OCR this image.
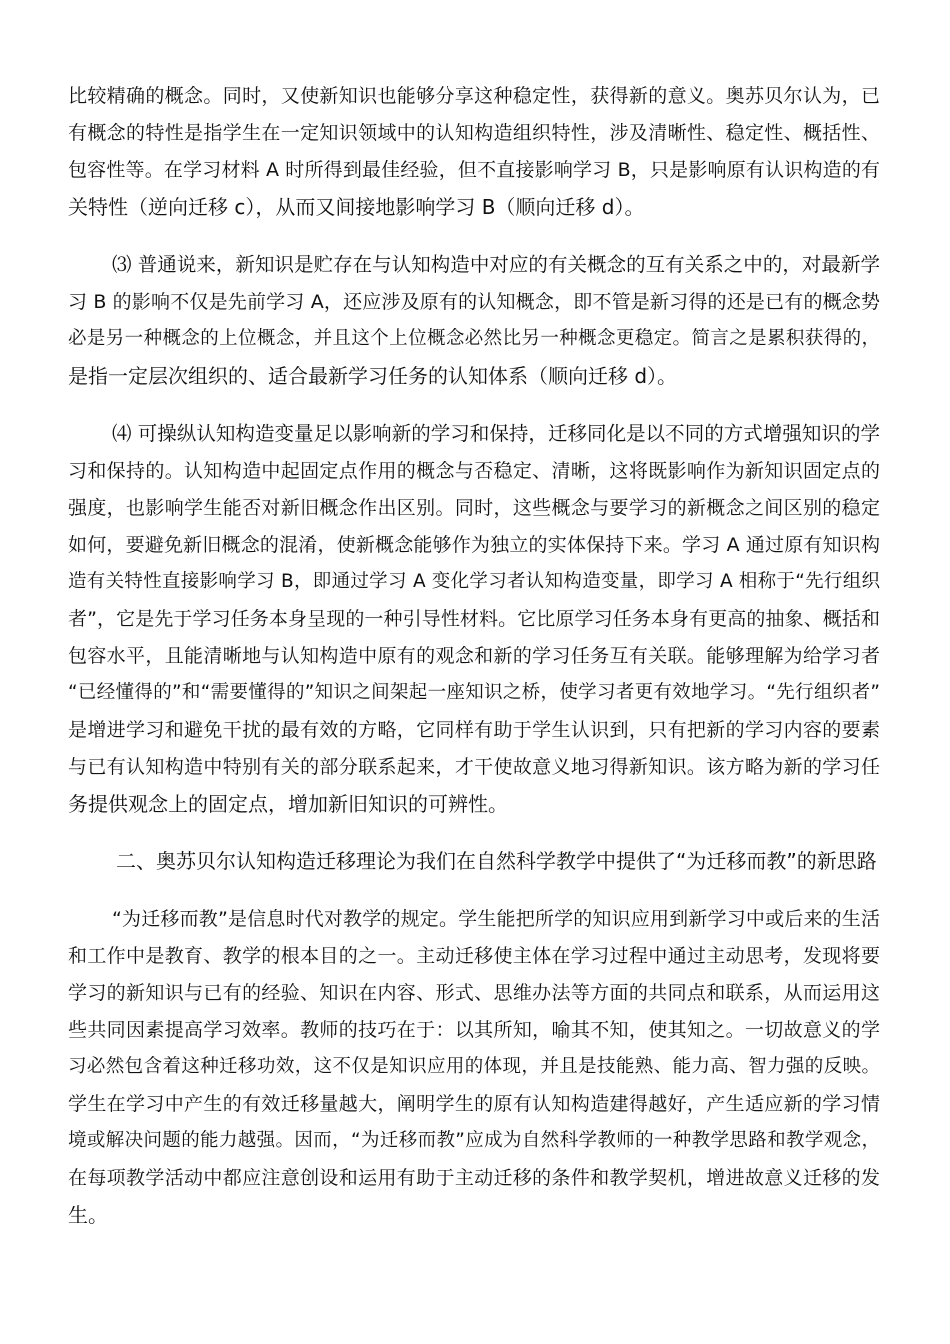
比较精确的概念。同时，又使新知识也能够分享这种稳定性，获得新的意义。奥苏贝尔认为，已
有概念的特性是指学生在一定知识领域中的认知构造组织特性，涉及清晰性、稳定性、概括性、
包容性等。在学习材料 A 时所得到最佳经验，但不直接影响学习 B，只是影响原有认识构造的有
关特性（逆向迁移 c），从而又间接地影响学习 B（顺向迁移 d）。
⑶ 普通说来，新知识是贮存在与认知构造中对应的有关概念的互有关系之中的，对最新学
习 B 的影响不仅是先前学习 A，还应涉及原有的认知概念，即不管是新习得的还是已有的概念势
必是另一种概念的上位概念，并且这个上位概念必然比另一种概念更稳定。简言之是累积获得的，
是指一定层次组织的、适合最新学习任务的认知体系（顺向迁移 d）。
⑷ 可操纵认知构造变量足以影响新的学习和保持，迁移同化是以不同的方式增强知识的学
习和保持的。认知构造中起固定点作用的概念与否稳定、清晰，这将既影响作为新知识固定点的
强度，也影响学生能否对新旧概念作出区别。同时，这些概念与要学习的新概念之间区别的稳定
如何，要避免新旧概念的混淆，使新概念能够作为独立的实体保持下来。学习 A 通过原有知识构
造有关特性直接影响学习 B，即通过学习 A 变化学习者认知构造变量，即学习 A 相称于“先行组织
者”，它是先于学习任务本身呈现的一种引导性材料。它比原学习任务本身有更高的抽象、概括和
包容水平，且能清晰地与认知构造中原有的观念和新的学习任务互有关联。能够理解为给学习者
“已经懂得的”和“需要懂得的”知识之间架起一座知识之桥，使学习者更有效地学习。“先行组织者”
是增进学习和避免干扰的最有效的方略，它同样有助于学生认识到，只有把新的学习内容的要素
与已有认知构造中特别有关的部分联系起来，才干使故意义地习得新知识。该方略为新的学习任
务提供观念上的固定点，增加新旧知识的可辨性。
二、奥苏贝尔认知构造迁移理论为我们在自然科学教学中提供了“为迁移而教”的新思路
“为迁移而教”是信息时代对教学的规定。学生能把所学的知识应用到新学习中或后来的生活
和工作中是教育、教学的根本目的之一。主动迁移使主体在学习过程中通过主动思考，发现将要
学习的新知识与已有的经验、知识在内容、形式、思维办法等方面的共同点和联系，从而运用这
些共同因素提高学习效率。教师的技巧在于：以其所知，喻其不知，使其知之。一切故意义的学
习必然包含着这种迁移功效，这不仅是知识应用的体现，并且是技能熟、能力高、智力强的反映。
学生在学习中产生的有效迁移量越大，阐明学生的原有认知构造建得越好，产生适应新的学习情
境或解决问题的能力越强。因而，“为迁移而教”应成为自然科学教师的一种教学思路和教学观念，
在每项教学活动中都应注意创设和运用有助于主动迁移的条件和教学契机，增进故意义迁移的发
生。
